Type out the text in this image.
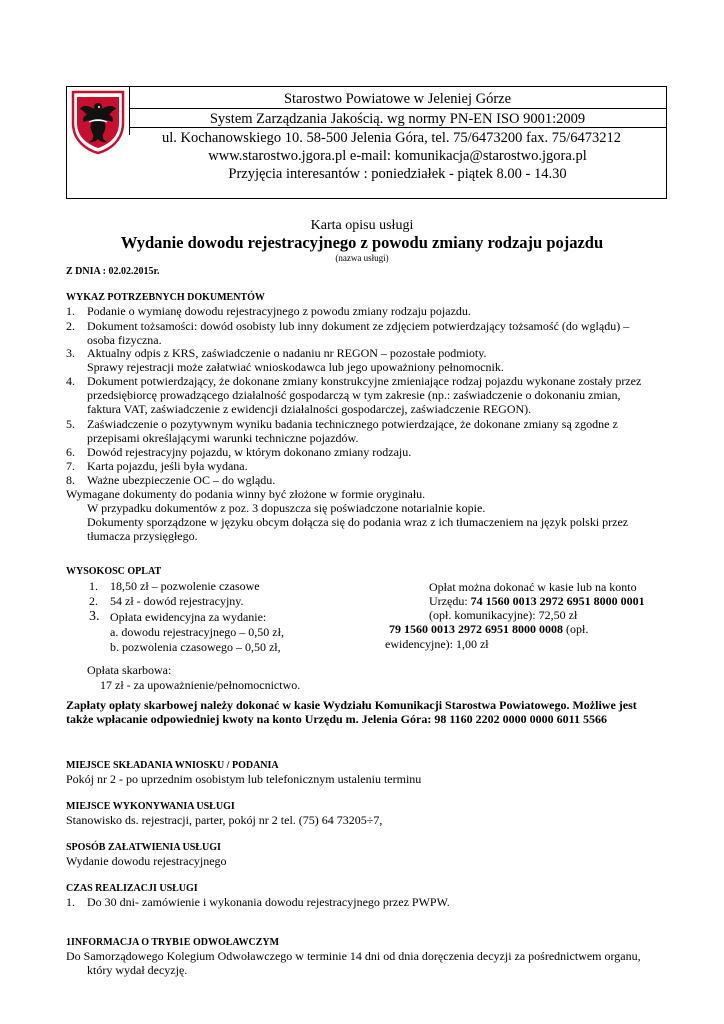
Starostwo Powiatowe w Jeleniej Górze
System Zarządzania Jakością. wg normy PN-EN ISO 9001:2009
ul. Kochanowskiego 10. 58-500 Jelenia Góra, tel. 75/6473200 fax. 75/6473212
www.starostwo.jgora.pl e-mail: komunikacja@starostwo.jgora.pl
Przyjęcia interesantów : poniedziałek - piątek 8.00 - 14.30
Karta opisu usługi
Wydanie dowodu rejestracyjnego z powodu zmiany rodzaju pojazdu
(nazwa usługi)
Z DNIA : 02.02.2015r.
WYKAZ POTRZEBNYCH DOKUMENTÓW
1. Podanie o wymianę dowodu rejestracyjnego z powodu zmiany rodzaju pojazdu.
2. Dokument tożsamości: dowód osobisty lub inny dokument ze zdjęciem potwierdzający tożsamość (do wglądu) –
osoba fizyczna.
3. Aktualny odpis z KRS, zaświadczenie o nadaniu nr REGON – pozostałe podmioty.
Sprawy rejestracji może załatwiać wnioskodawca lub jego upoważniony pełnomocnik.
4. Dokument potwierdzający, że dokonane zmiany konstrukcyjne zmieniające rodzaj pojazdu wykonane zostały przez
przedsiębiorcę prowadzącego działalność gospodarczą w tym zakresie (np.: zaświadczenie o dokonaniu zmian,
faktura VAT, zaświadczenie z ewidencji działalności gospodarczej, zaświadczenie REGON).
5. Zaświadczenie o pozytywnym wyniku badania technicznego potwierdzające, że dokonane zmiany są zgodne z
przepisami określającymi warunki techniczne pojazdów.
6. Dowód rejestracyjny pojazdu, w którym dokonano zmiany rodzaju.
7. Karta pojazdu, jeśli była wydana.
8. Ważne ubezpieczenie OC – do wglądu.
Wymagane dokumenty do podania winny być złożone w formie oryginału.
W przypadku dokumentów z poz. 3 dopuszcza się poświadczone notarialnie kopie.
Dokumenty sporządzone w języku obcym dołącza się do podania wraz z ich tłumaczeniem na język polski przez
tłumacza przysięgłego.
WYSOKOSC OPLAT
1. 18,50 zł – pozwolenie czasowe
2. 54 zł - dowód rejestracyjny.
3. Opłata ewidencyjna za wydanie:
a. dowodu rejestracyjnego – 0,50 zł,
b. pozwolenia czasowego – 0,50 zł,
Opłat można dokonać w kasie lub na konto
Urzędu: 74 1560 0013 2972 6951 8000 0001
(opł. komunikacyjne): 72,50 zł
79 1560 0013 2972 6951 8000 0008 (opł.
ewidencyjne): 1,00 zł
Opłata skarbowa:
17 zł - za upoważnienie/pełnomocnictwo.
Zapłaty opłaty skarbowej należy dokonać w kasie Wydziału Komunikacji Starostwa Powiatowego. Możliwe jest
także wpłacanie odpowiedniej kwoty na konto Urzędu m. Jelenia Góra: 98 1160 2202 0000 0000 6011 5566
MIEJSCE SKŁADANIA WNIOSKU / PODANIA
Pokój nr 2 - po uprzednim osobistym lub telefonicznym ustaleniu terminu
MIEJSCE WYKONYWANIA USŁUGI
Stanowisko ds. rejestracji, parter, pokój nr 2 tel. (75) 64 73205÷7,
SPOSÓB ZAŁATWIENIA USŁUGI
Wydanie dowodu rejestracyjnego
CZAS REALIZACJI USŁUGI
1. Do 30 dni- zamówienie i wykonania dowodu rejestracyjnego przez PWPW.
1INFORMACJA O TRYB1E ODWOŁAWCZYM
Do Samorządowego Kolegium Odwoławczego w terminie 14 dni od dnia doręczenia decyzji za pośrednictwem organu,
który wydał decyzję.
